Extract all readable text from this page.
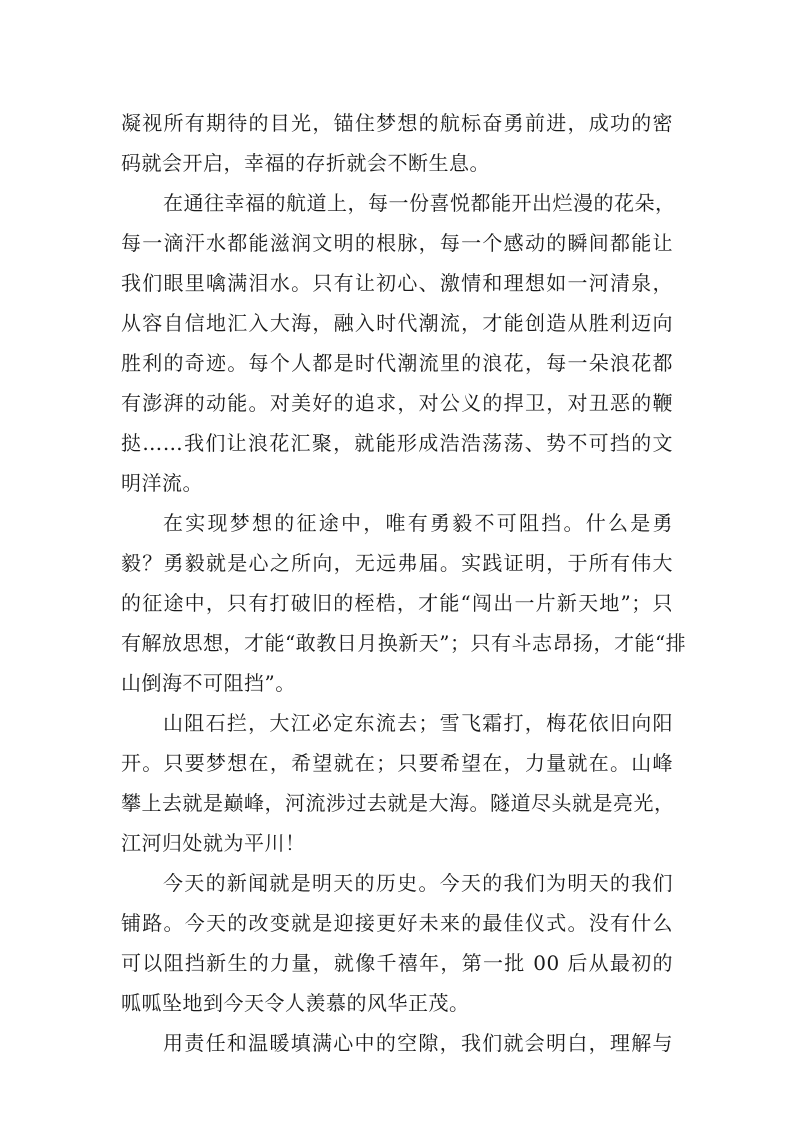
凝视所有期待的目光，锚住梦想的航标奋勇前进，成功的密
码就会开启，幸福的存折就会不断生息。
在通往幸福的航道上，每一份喜悦都能开出烂漫的花朵，
每一滴汗水都能滋润文明的根脉，每一个感动的瞬间都能让
我们眼里噙满泪水。只有让初心、激情和理想如一河清泉，
从容自信地汇入大海，融入时代潮流，才能创造从胜利迈向
胜利的奇迹。每个人都是时代潮流里的浪花，每一朵浪花都
有澎湃的动能。对美好的追求，对公义的捍卫，对丑恶的鞭
挞……我们让浪花汇聚，就能形成浩浩荡荡、势不可挡的文
明洋流。
在实现梦想的征途中，唯有勇毅不可阻挡。什么是勇
毅？勇毅就是心之所向，无远弗届。实践证明，于所有伟大
的征途中，只有打破旧的桎梏，才能“闯出一片新天地”；只
有解放思想，才能“敢教日月换新天”；只有斗志昂扬，才能“排
山倒海不可阻挡”。
山阻石拦，大江必定东流去；雪飞霜打，梅花依旧向阳
开。只要梦想在，希望就在；只要希望在，力量就在。山峰
攀上去就是巅峰，河流涉过去就是大海。隧道尽头就是亮光，
江河归处就为平川！
今天的新闻就是明天的历史。今天的我们为明天的我们
铺路。今天的改变就是迎接更好未来的最佳仪式。没有什么
可以阻挡新生的力量，就像千禧年，第一批 00 后从最初的
呱呱坠地到今天令人羡慕的风华正茂。
用责任和温暖填满心中的空隙，我们就会明白，理解与
